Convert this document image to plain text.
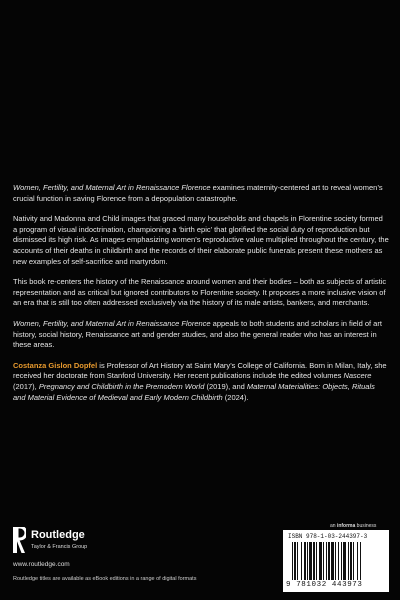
Women, Fertility, and Maternal Art in Renaissance Florence examines maternity-centered art to reveal women’s crucial function in saving Florence from a depopulation catastrophe.

Nativity and Madonna and Child images that graced many households and chapels in Florentine society formed a program of visual indoctrination, championing a ‘birth epic’ that glorified the social duty of reproduction but dismissed its high risk. As images emphasizing women’s reproductive value multiplied throughout the century, the accounts of their deaths in childbirth and the records of their elaborate public funerals present these mothers as new examples of self-sacrifice and martyrdom.

This book re-centers the history of the Renaissance around women and their bodies – both as subjects of artistic representation and as critical but ignored contributors to Florentine society. It proposes a more inclusive vision of an era that is still too often addressed exclusively via the history of its male artists, bankers, and merchants.

Women, Fertility, and Maternal Art in Renaissance Florence appeals to both students and scholars in field of art history, social history, Renaissance art and gender studies, and also the general reader who has an interest in these areas.

Costanza Gislon Dopfel is Professor of Art History at Saint Mary’s College of California. Born in Milan, Italy, she received her doctorate from Stanford University. Her recent publications include the edited volumes Nascere (2017), Pregnancy and Childbirth in the Premodern World (2019), and Maternal Materialities: Objects, Rituals and Material Evidence of Medieval and Early Modern Childbirth (2024).

Routledge
Taylor & Francis Group
www.routledge.com
Routledge titles are available as eBook editions in a range of digital formats
an informa business
ISBN 978-1-03-244397-3
9 781032 443973
